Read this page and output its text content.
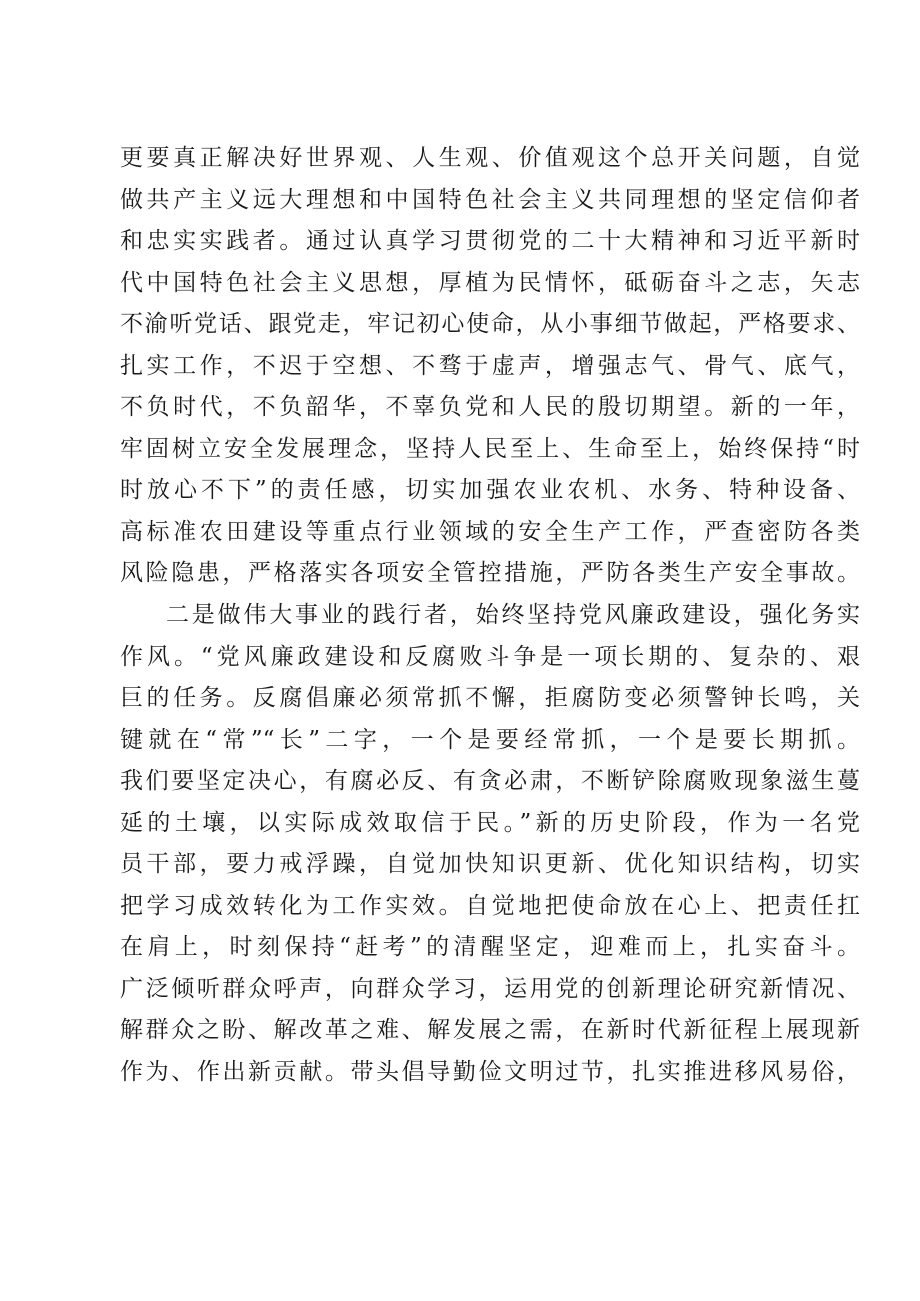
更要真正解决好世界观、人生观、价值观这个总开关问题，自觉
做共产主义远大理想和中国特色社会主义共同理想的坚定信仰者
和忠实实践者。通过认真学习贯彻党的二十大精神和习近平新时
代中国特色社会主义思想，厚植为民情怀，砥砺奋斗之志，矢志
不渝听党话、跟党走，牢记初心使命，从小事细节做起，严格要求、
扎实工作，不迟于空想、不骛于虚声，增强志气、骨气、底气，
不负时代，不负韶华，不辜负党和人民的殷切期望。新的一年，
牢固树立安全发展理念，坚持人民至上、生命至上，始终保持“时
时放心不下”的责任感，切实加强农业农机、水务、特种设备、
高标准农田建设等重点行业领域的安全生产工作，严查密防各类
风险隐患，严格落实各项安全管控措施，严防各类生产安全事故。
二是做伟大事业的践行者，始终坚持党风廉政建设，强化务实
作风。“党风廉政建设和反腐败斗争是一项长期的、复杂的、艰
巨的任务。反腐倡廉必须常抓不懈，拒腐防变必须警钟长鸣，关
键就在“常”“长”二字，一个是要经常抓，一个是要长期抓。
我们要坚定决心，有腐必反、有贪必肃，不断铲除腐败现象滋生蔓
延的土壤，以实际成效取信于民。”新的历史阶段，作为一名党
员干部，要力戒浮躁，自觉加快知识更新、优化知识结构，切实
把学习成效转化为工作实效。自觉地把使命放在心上、把责任扛
在肩上，时刻保持“赶考”的清醒坚定，迎难而上，扎实奋斗。
广泛倾听群众呼声，向群众学习，运用党的创新理论研究新情况、
解群众之盼、解改革之难、解发展之需，在新时代新征程上展现新
作为、作出新贡献。带头倡导勤俭文明过节，扎实推进移风易俗，
